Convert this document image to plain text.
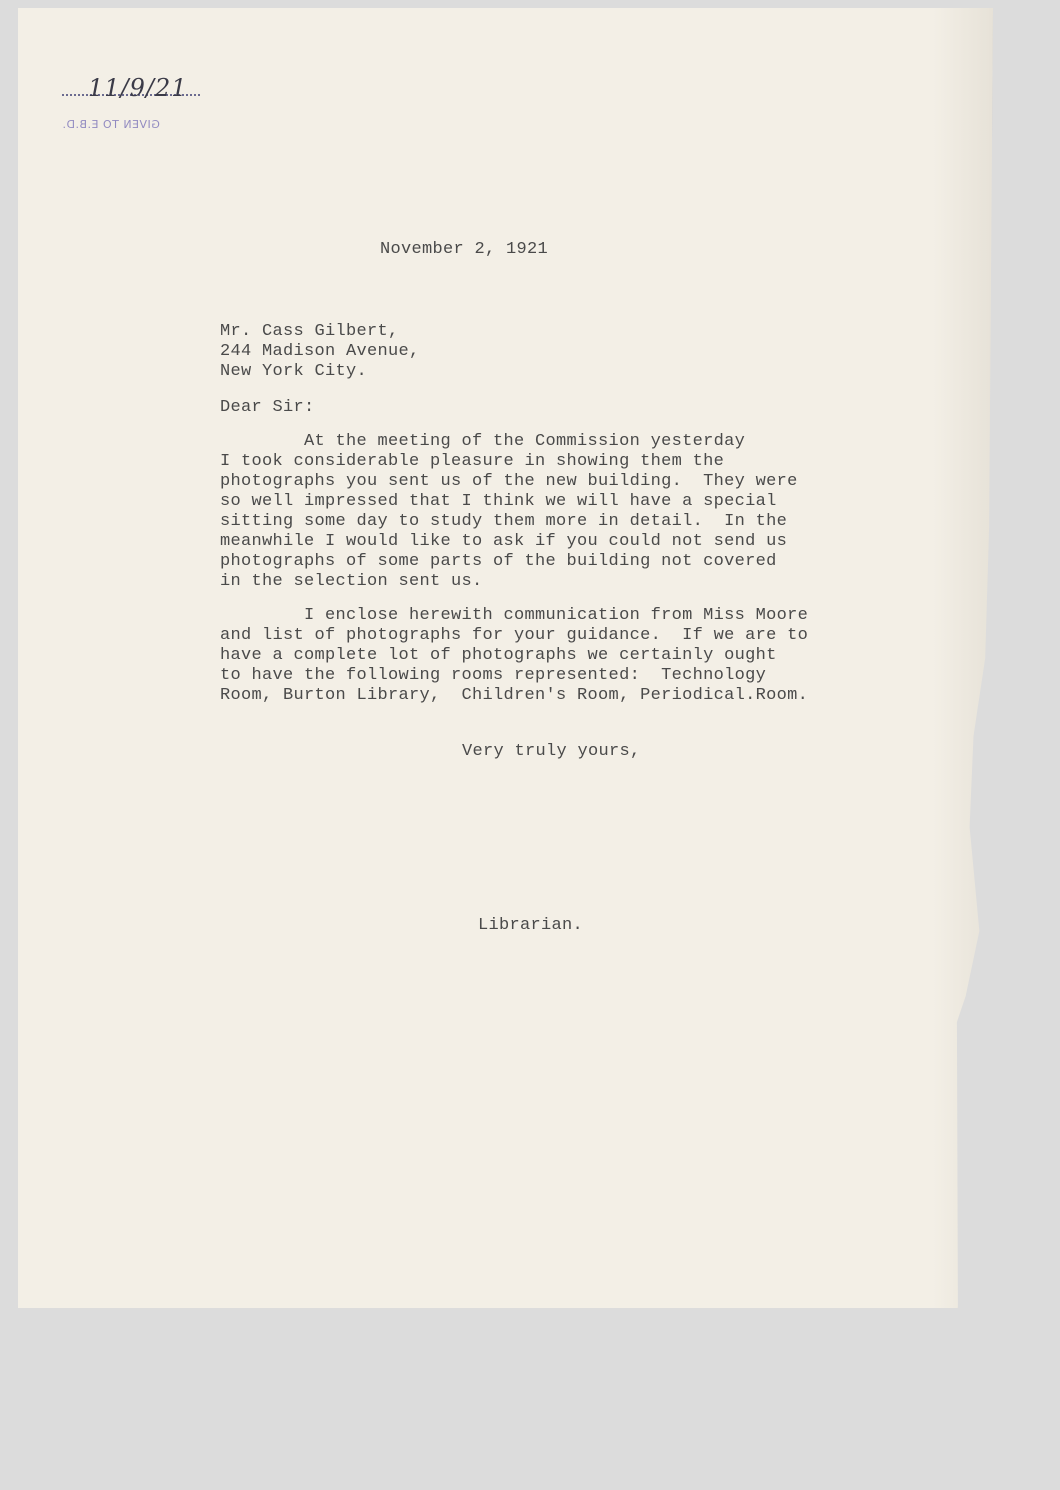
11/9/21
GIVEN TO E.B.D.
November 2, 1921
Mr. Cass Gilbert,
244 Madison Avenue,
New York City.
Dear Sir:
At the meeting of the Commission yesterday
I took considerable pleasure in showing them the
photographs you sent us of the new building.  They were
so well impressed that I think we will have a special
sitting some day to study them more in detail.  In the
meanwhile I would like to ask if you could not send us
photographs of some parts of the building not covered
in the selection sent us.
I enclose herewith communication from Miss Moore
and list of photographs for your guidance.  If we are to
have a complete lot of photographs we certainly ought
to have the following rooms represented:  Technology
Room, Burton Library,  Children's Room, Periodical.Room.
Very truly yours,
Librarian.
